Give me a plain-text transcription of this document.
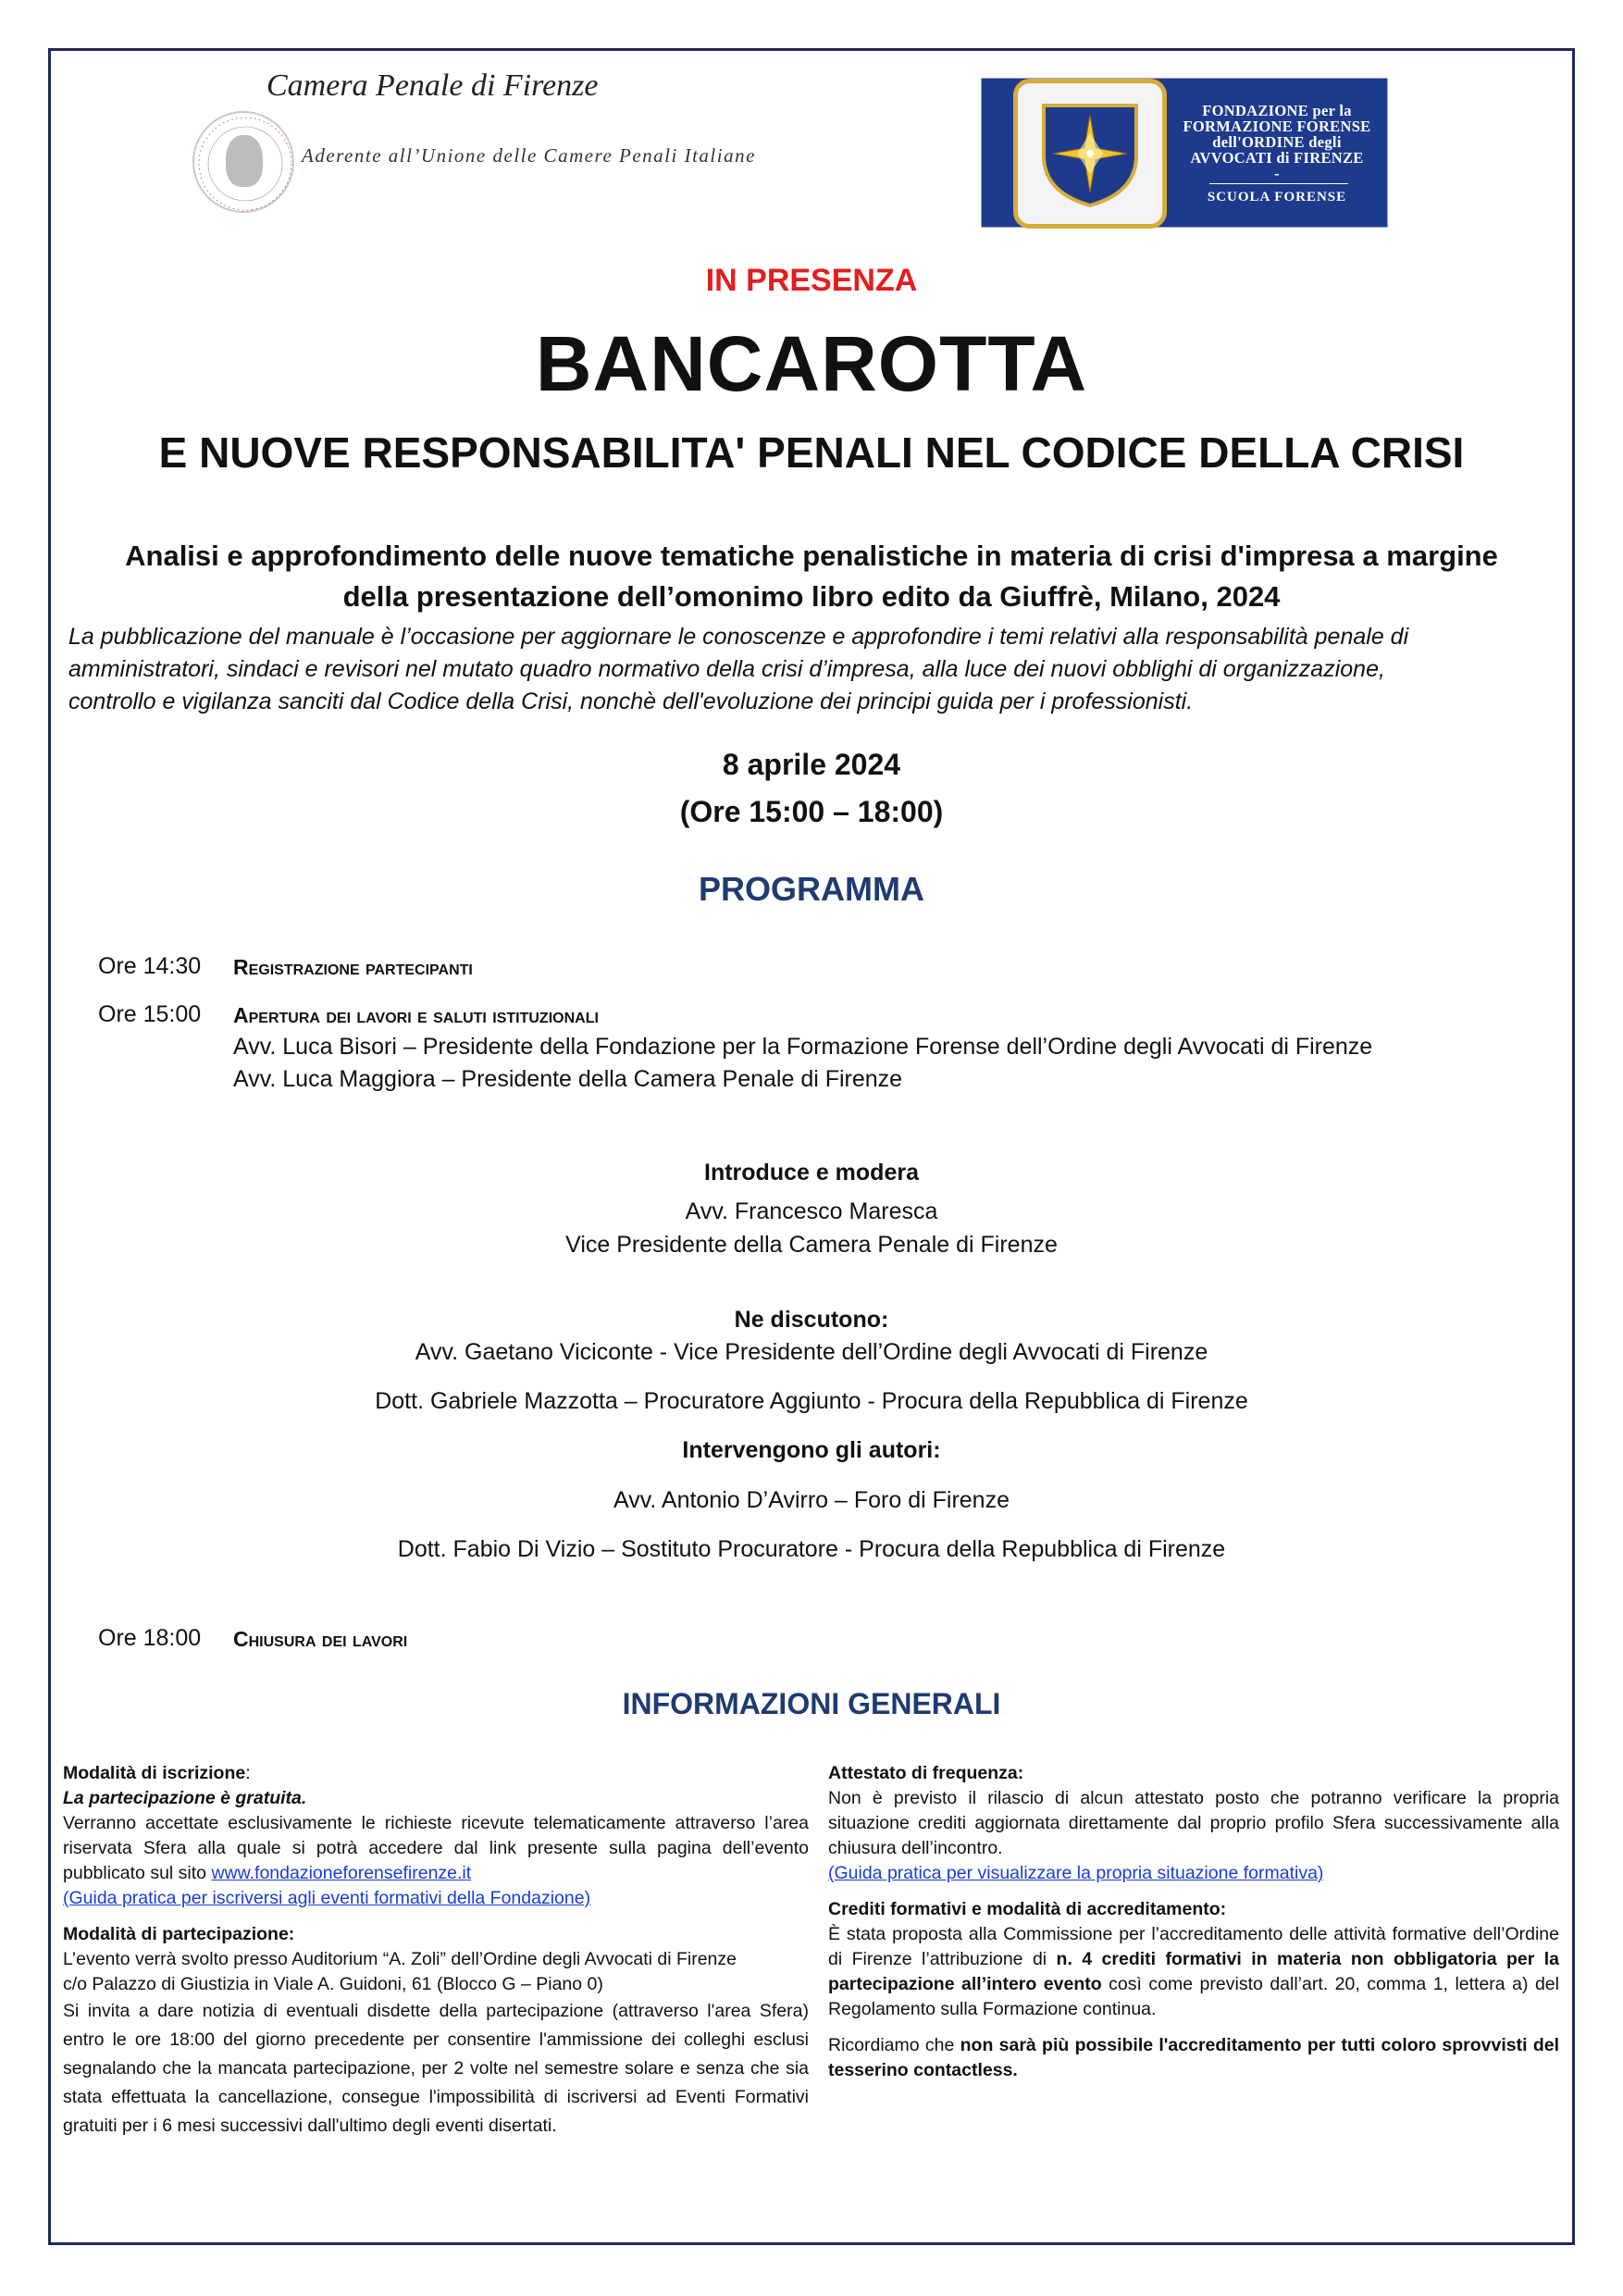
Camera Penale di Firenze
Aderente all’Unione delle Camere Penali Italiane
FONDAZIONE per la
FORMAZIONE FORENSE
dell'ORDINE degli
AVVOCATI di FIRENZE
-
SCUOLA FORENSE
IN PRESENZA
BANCAROTTA
E NUOVE RESPONSABILITA' PENALI NEL CODICE DELLA CRISI
Analisi e approfondimento delle nuove tematiche penalistiche in materia di crisi d'impresa a margine
della presentazione dell’omonimo libro edito da Giuffrè, Milano, 2024
La pubblicazione del manuale è l’occasione per aggiornare le conoscenze e approfondire i temi relativi alla responsabilità penale di
amministratori, sindaci e revisori nel mutato quadro normativo della crisi d’impresa, alla luce dei nuovi obblighi di organizzazione,
controllo e vigilanza sanciti dal Codice della Crisi, nonchè dell'evoluzione dei principi guida per i professionisti.
8 aprile 2024
(Ore 15:00 – 18:00)
PROGRAMMA
Ore 14:30 Registrazione partecipanti
Ore 15:00 Apertura dei lavori e saluti istituzionali
Avv. Luca Bisori – Presidente della Fondazione per la Formazione Forense dell’Ordine degli Avvocati di Firenze
Avv. Luca Maggiora – Presidente della Camera Penale di Firenze
Introduce e modera
Avv. Francesco Maresca
Vice Presidente della Camera Penale di Firenze
Ne discutono:
Avv. Gaetano Viciconte - Vice Presidente dell’Ordine degli Avvocati di Firenze
Dott. Gabriele Mazzotta – Procuratore Aggiunto - Procura della Repubblica di Firenze
Intervengono gli autori:
Avv. Antonio D’Avirro – Foro di Firenze
Dott. Fabio Di Vizio – Sostituto Procuratore - Procura della Repubblica di Firenze
Ore 18:00 Chiusura dei lavori
INFORMAZIONI GENERALI

Modalità di iscrizione:

La partecipazione è gratuita.

Verranno accettate esclusivamente le richieste ricevute telematicamente attraverso l’area riservata Sfera alla quale si potrà accedere dal link presente sulla pagina dell’evento pubblicato sul sito www.fondazioneforensefirenze.it

(Guida pratica per iscriversi agli eventi formativi della Fondazione)

Modalità di partecipazione:

L’evento verrà svolto presso Auditorium “A. Zoli” dell’Ordine degli Avvocati di Firenze

c/o Palazzo di Giustizia in Viale A. Guidoni, 61 (Blocco G – Piano 0)

Si invita a dare notizia di eventuali disdette della partecipazione (attraverso l'area Sfera) entro le ore 18:00 del giorno precedente per consentire l'ammissione dei colleghi esclusi segnalando che la mancata partecipazione, per 2 volte nel semestre solare e senza che sia stata effettuata la cancellazione, consegue l'impossibilità di iscriversi ad Eventi Formativi gratuiti per i 6 mesi successivi dall'ultimo degli eventi disertati.

Attestato di frequenza:

Non è previsto il rilascio di alcun attestato posto che potranno verificare la propria situazione crediti aggiornata direttamente dal proprio profilo Sfera successivamente alla chiusura dell’incontro.

(Guida pratica per visualizzare la propria situazione formativa)

Crediti formativi e modalità di accreditamento:

È stata proposta alla Commissione per l’accreditamento delle attività formative dell’Ordine di Firenze l’attribuzione di n. 4 crediti formativi in materia non obbligatoria per la partecipazione all’intero evento così come previsto dall’art. 20, comma 1, lettera a) del Regolamento sulla Formazione continua.

Ricordiamo che non sarà più possibile l'accreditamento per tutti coloro sprovvisti del tesserino contactless.
